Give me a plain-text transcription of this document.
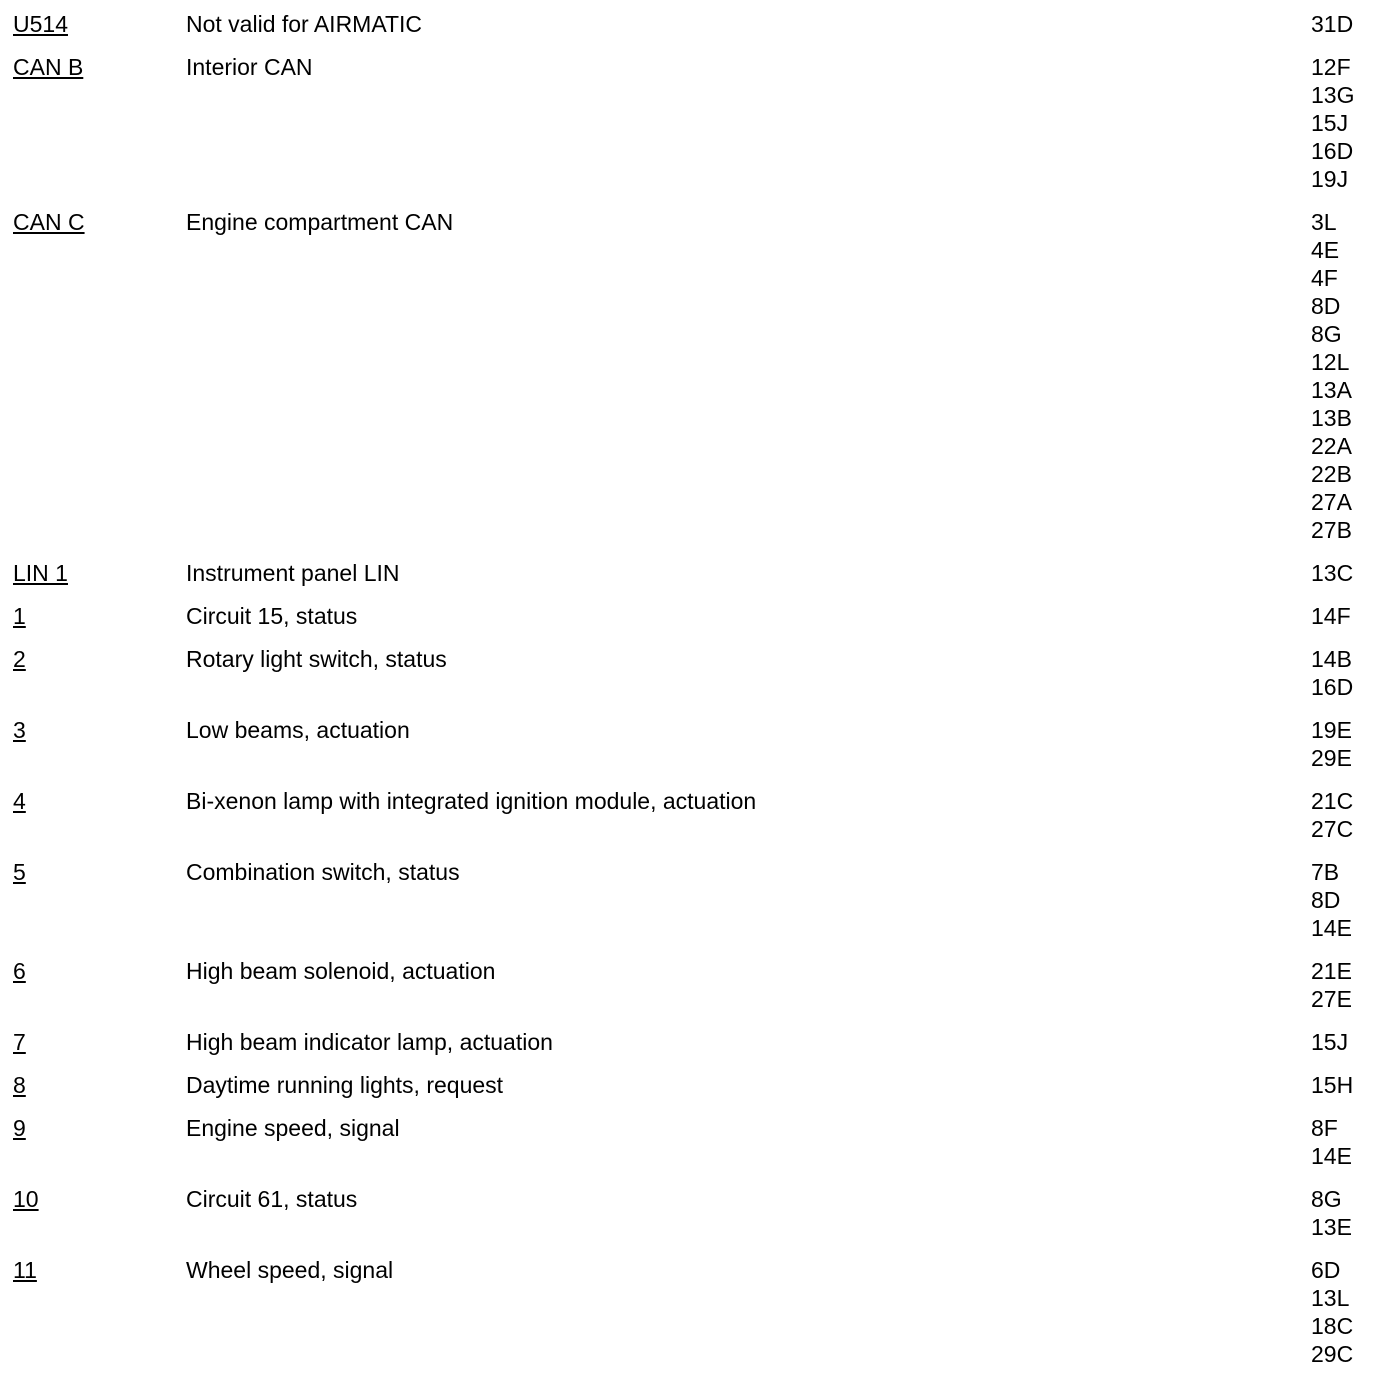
U514	Not valid for AIRMATIC	31D
CAN B	Interior CAN	12F
13G
15J
16D
19J
CAN C	Engine compartment CAN	3L
4E
4F
8D
8G
12L
13A
13B
22A
22B
27A
27B
LIN 1	Instrument panel LIN	13C
1	Circuit 15, status	14F
2	Rotary light switch, status	14B
16D
3	Low beams, actuation	19E
29E
4	Bi-xenon lamp with integrated ignition module, actuation	21C
27C
5	Combination switch, status	7B
8D
14E
6	High beam solenoid, actuation	21E
27E
7	High beam indicator lamp, actuation	15J
8	Daytime running lights, request	15H
9	Engine speed, signal	8F
14E
10	Circuit 61, status	8G
13E
11	Wheel speed, signal	6D
13L
18C
29C
